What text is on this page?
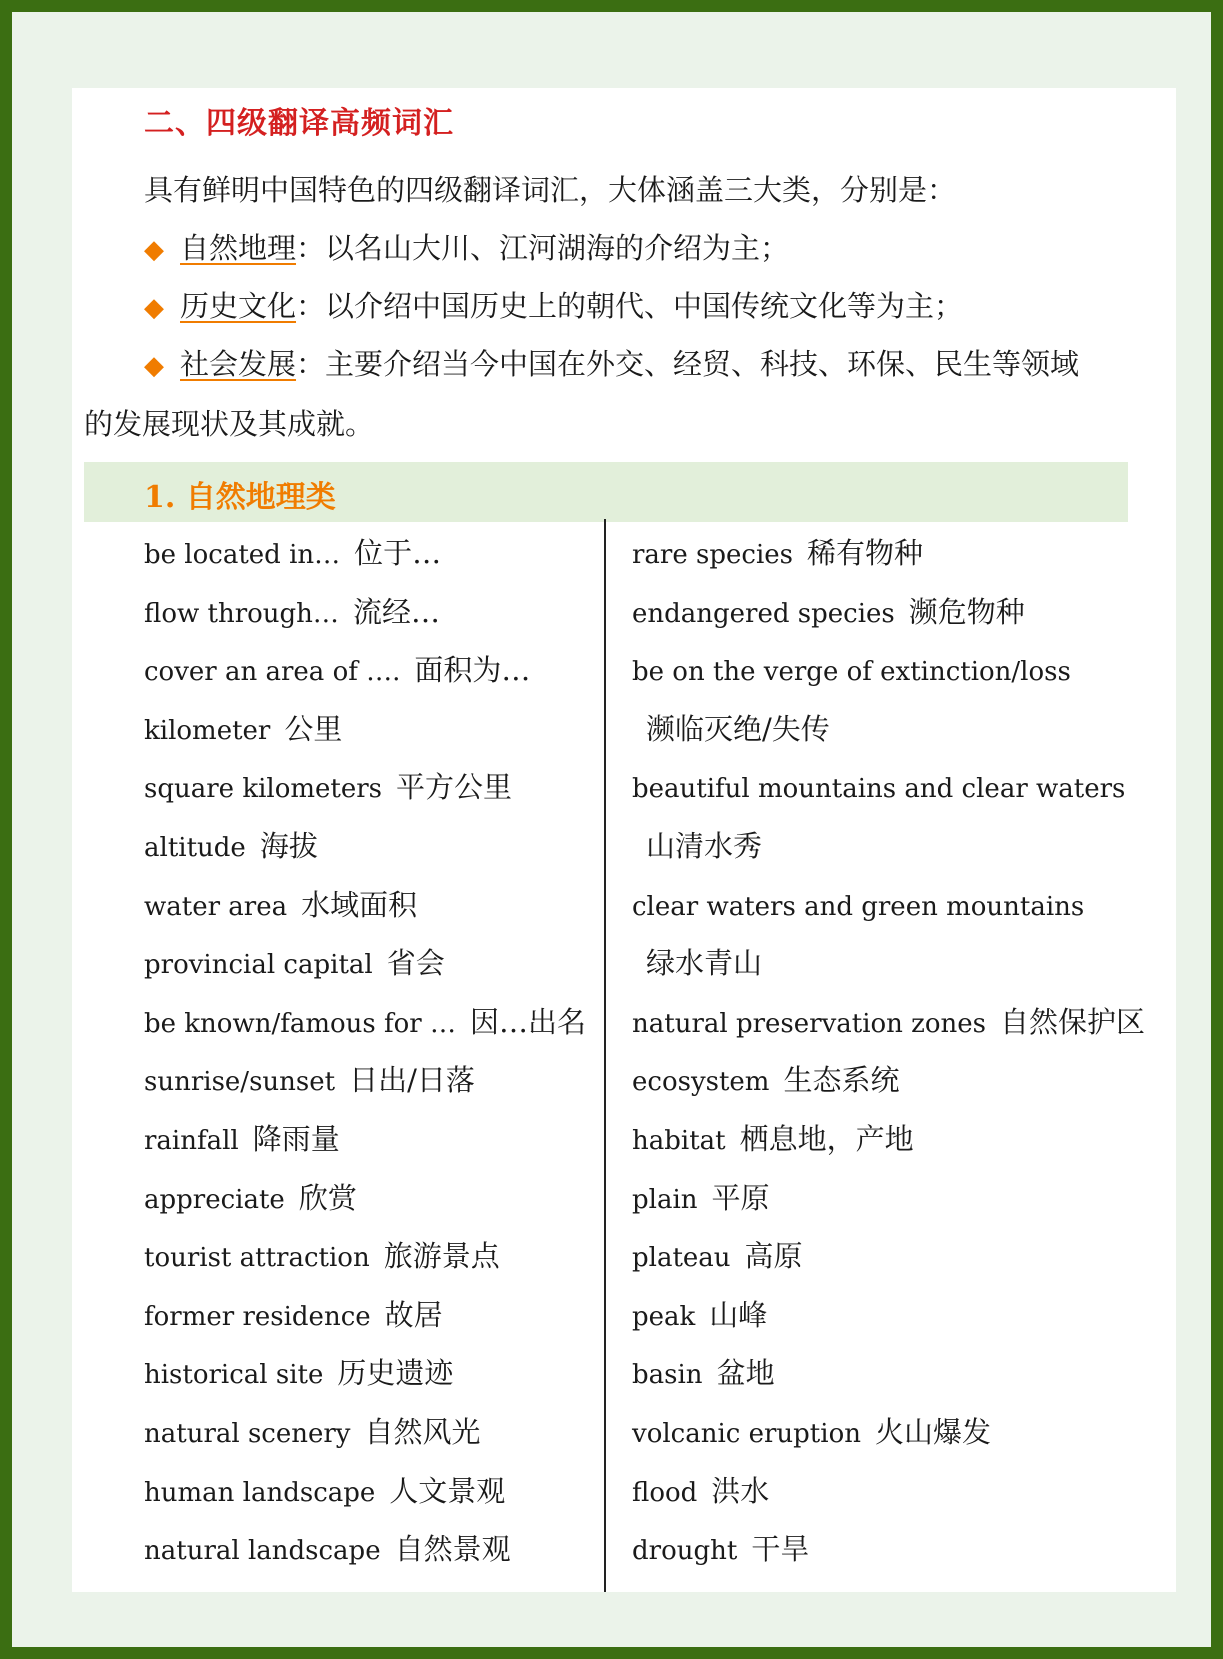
二、四级翻译高频词汇
具有鲜明中国特色的四级翻译词汇，大体涵盖三大类，分别是：
◆ 自然地理：以名山大川、江河湖海的介绍为主；
◆ 历史文化：以介绍中国历史上的朝代、中国传统文化等为主；
◆ 社会发展：主要介绍当今中国在外交、经贸、科技、环保、民生等领域
的发展现状及其成就。
1. 自然地理类
be located in… 位于…
flow through… 流经…
cover an area of …. 面积为…
kilometer 公里
square kilometers 平方公里
altitude 海拔
water area 水域面积
provincial capital 省会
be known/famous for … 因…出名
sunrise/sunset 日出/日落
rainfall 降雨量
appreciate 欣赏
tourist attraction 旅游景点
former residence 故居
historical site 历史遗迹
natural scenery 自然风光
human landscape 人文景观
natural landscape 自然景观
rare species 稀有物种
endangered species 濒危物种
be on the verge of extinction/loss
濒临灭绝/失传
beautiful mountains and clear waters
山清水秀
clear waters and green mountains
绿水青山
natural preservation zones 自然保护区
ecosystem 生态系统
habitat 栖息地，产地
plain 平原
plateau 高原
peak 山峰
basin 盆地
volcanic eruption 火山爆发
flood 洪水
drought 干旱
